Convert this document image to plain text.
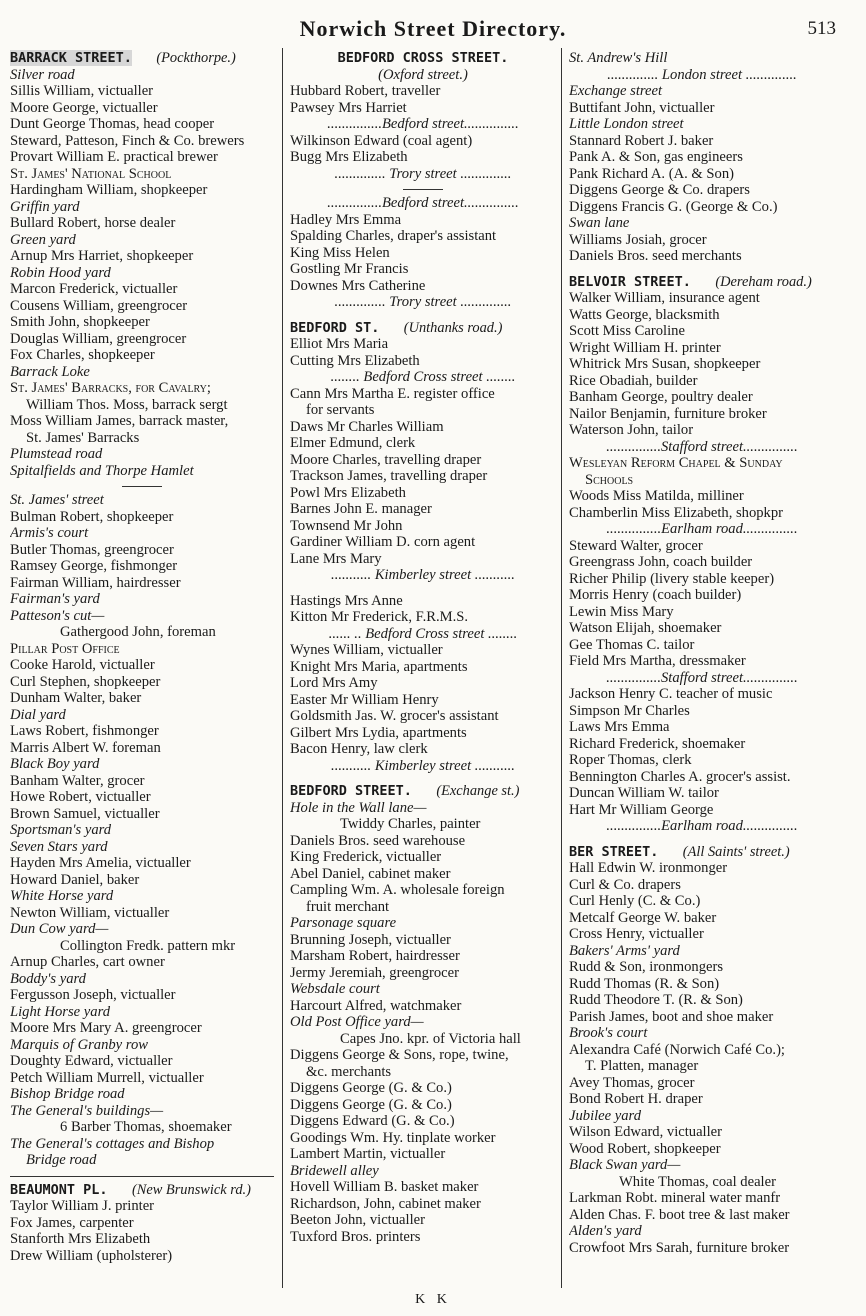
Norwich Street Directory.	513
BARRACK STREET. (Pockthorpe.)
Silver road
Sillis William, victualler
Moore George, victualler
Dunt George Thomas, head cooper
Steward, Patteson, Finch & Co. brewers
Provart William E. practical brewer
St. James' National School
Hardingham William, shopkeeper
Griffin yard
Bullard Robert, horse dealer
Green yard
Arnup Mrs Harriet, shopkeeper
Robin Hood yard
Marcon Frederick, victualler
Cousens William, greengrocer
Smith John, shopkeeper
Douglas William, greengrocer
Fox Charles, shopkeeper
Barrack Loke
St. James' Barracks, for Cavalry;
William Thos. Moss, barrack sergt
Moss William James, barrack master,
St. James' Barracks
Plumstead road
Spitalfields and Thorpe Hamlet
St. James' street
Bulman Robert, shopkeeper
Armis's court
Butler Thomas, greengrocer
Ramsey George, fishmonger
Fairman William, hairdresser
Fairman's yard
Patteson's cut—
Gathergood John, foreman
Pillar Post Office
Cooke Harold, victualler
Curl Stephen, shopkeeper
Dunham Walter, baker
Dial yard
Laws Robert, fishmonger
Marris Albert W. foreman
Black Boy yard
Banham Walter, grocer
Howe Robert, victualler
Brown Samuel, victualler
Sportsman's yard
Seven Stars yard
Hayden Mrs Amelia, victualler
Howard Daniel, baker
White Horse yard
Newton William, victualler
Dun Cow yard—
Collington Fredk. pattern mkr
Arnup Charles, cart owner
Boddy's yard
Fergusson Joseph, victualler
Light Horse yard
Moore Mrs Mary A. greengrocer
Marquis of Granby row
Doughty Edward, victualler
Petch William Murrell, victualler
Bishop Bridge road
The General's buildings—
6 Barber Thomas, shoemaker
The General's cottages and Bishop
Bridge road
BEAUMONT PL. (New Brunswick rd.)
Taylor William J. printer
Fox James, carpenter
Stanforth Mrs Elizabeth
Drew William (upholsterer)
BEDFORD CROSS STREET.
(Oxford street.)
Hubbard Robert, traveller
Pawsey Mrs Harriet
...............Bedford street...............
Wilkinson Edward (coal agent)
Bugg Mrs Elizabeth
.............. Trory street ..............
...............Bedford street...............
Hadley Mrs Emma
Spalding Charles, draper's assistant
King Miss Helen
Gostling Mr Francis
Downes Mrs Catherine
.............. Trory street ..............
BEDFORD ST. (Unthanks road.)
Elliot Mrs Maria
Cutting Mrs Elizabeth
........ Bedford Cross street ........
Cann Mrs Martha E. register office
for servants
Daws Mr Charles William
Elmer Edmund, clerk
Moore Charles, travelling draper
Trackson James, travelling draper
Powl Mrs Elizabeth
Barnes John E. manager
Townsend Mr John
Gardiner William D. corn agent
Lane Mrs Mary
........... Kimberley street ...........
Hastings Mrs Anne
Kitton Mr Frederick, F.R.M.S.
...... .. Bedford Cross street ........
Wynes William, victualler
Knight Mrs Maria, apartments
Lord Mrs Amy
Easter Mr William Henry
Goldsmith Jas. W. grocer's assistant
Gilbert Mrs Lydia, apartments
Bacon Henry, law clerk
........... Kimberley street ...........
BEDFORD STREET. (Exchange st.)
Hole in the Wall lane—
Twiddy Charles, painter
Daniels Bros. seed warehouse
King Frederick, victualler
Abel Daniel, cabinet maker
Campling Wm. A. wholesale foreign
fruit merchant
Parsonage square
Brunning Joseph, victualler
Marsham Robert, hairdresser
Jermy Jeremiah, greengrocer
Websdale court
Harcourt Alfred, watchmaker
Old Post Office yard—
Capes Jno. kpr. of Victoria hall
Diggens George & Sons, rope, twine,
&c. merchants
Diggens George (G. & Co.)
Diggens George (G. & Co.)
Diggens Edward (G. & Co.)
Goodings Wm. Hy. tinplate worker
Lambert Martin, victualler
Bridewell alley
Hovell William B. basket maker
Richardson, John, cabinet maker
Beeton John, victualler
Tuxford Bros. printers
St. Andrew's Hill
.............. London street ..............
Exchange street
Buttifant John, victualler
Little London street
Stannard Robert J. baker
Pank A. & Son, gas engineers
Pank Richard A. (A. & Son)
Diggens George & Co. drapers
Diggens Francis G. (George & Co.)
Swan lane
Williams Josiah, grocer
Daniels Bros. seed merchants
BELVOIR STREET. (Dereham road.)
Walker William, insurance agent
Watts George, blacksmith
Scott Miss Caroline
Wright William H. printer
Whitrick Mrs Susan, shopkeeper
Rice Obadiah, builder
Banham George, poultry dealer
Nailor Benjamin, furniture broker
Waterson John, tailor
...............Stafford street...............
Wesleyan Reform Chapel & Sunday
Schools
Woods Miss Matilda, milliner
Chamberlin Miss Elizabeth, shopkpr
...............Earlham road...............
Steward Walter, grocer
Greengrass John, coach builder
Richer Philip (livery stable keeper)
Morris Henry (coach builder)
Lewin Miss Mary
Watson Elijah, shoemaker
Gee Thomas C. tailor
Field Mrs Martha, dressmaker
...............Stafford street...............
Jackson Henry C. teacher of music
Simpson Mr Charles
Laws Mrs Emma
Richard Frederick, shoemaker
Roper Thomas, clerk
Bennington Charles A. grocer's assist.
Duncan William W. tailor
Hart Mr William George
...............Earlham road...............
BER STREET. (All Saints' street.)
Hall Edwin W. ironmonger
Curl & Co. drapers
Curl Henly (C. & Co.)
Metcalf George W. baker
Cross Henry, victualler
Bakers' Arms' yard
Rudd & Son, ironmongers
Rudd Thomas (R. & Son)
Rudd Theodore T. (R. & Son)
Parish James, boot and shoe maker
Brook's court
Alexandra Café (Norwich Café Co.);
T. Platten, manager
Avey Thomas, grocer
Bond Robert H. draper
Jubilee yard
Wilson Edward, victualler
Wood Robert, shopkeeper
Black Swan yard—
White Thomas, coal dealer
Larkman Robt. mineral water manfr
Alden Chas. F. boot tree & last maker
Alden's yard
Crowfoot Mrs Sarah, furniture broker
K K
